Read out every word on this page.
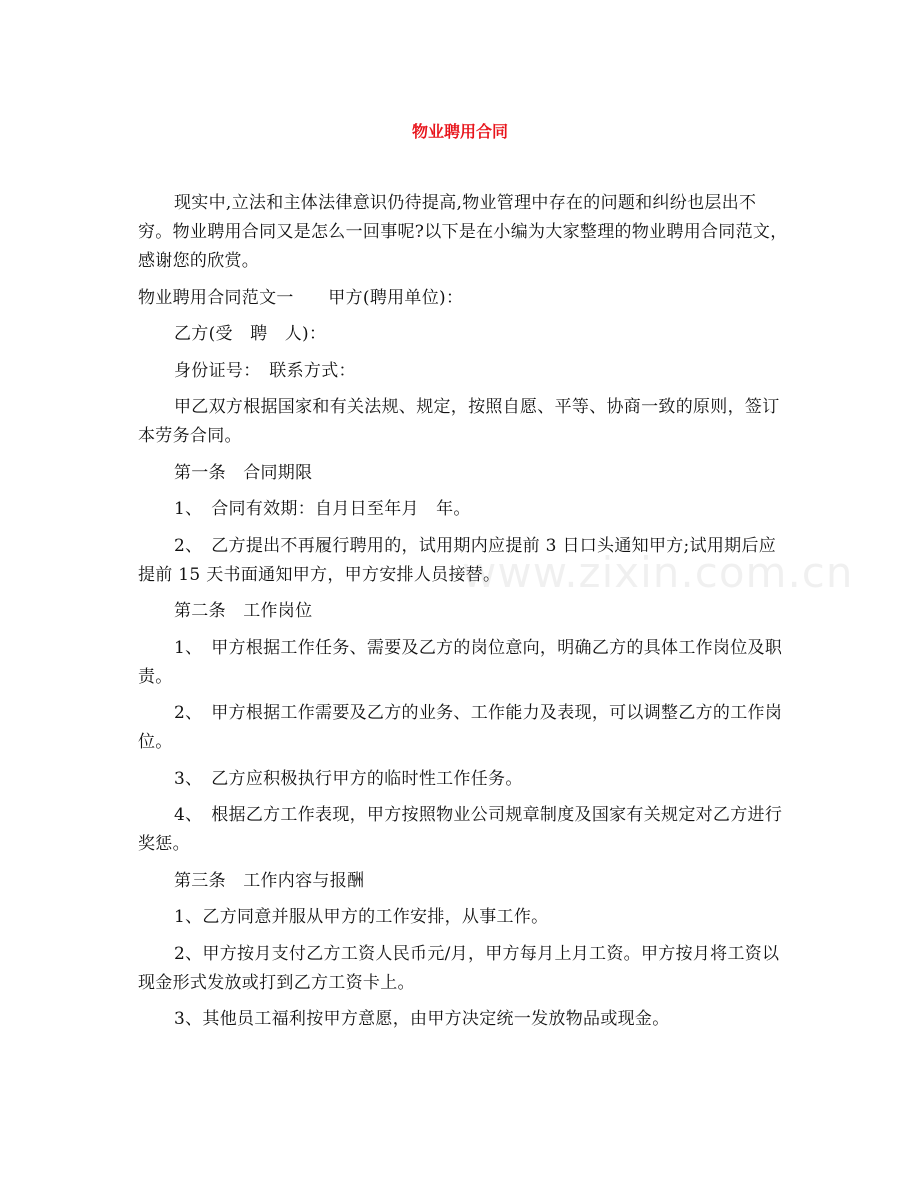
物业聘用合同
www.zixin.com.cn

现实中,立法和主体法律意识仍待提高,物业管理中存在的问题和纠纷也层出不穷。物业聘用合同又是怎么一回事呢?以下是在小编为大家整理的物业聘用合同范文，感谢您的欣赏。

物业聘用合同范文一　　甲方(聘用单位)：

乙方(受　聘　人)：

身份证号：　联系方式：

甲乙双方根据国家和有关法规、规定，按照自愿、平等、协商一致的原则，签订本劳务合同。

第一条　合同期限

1、　合同有效期：自月日至年月　年。

2、　乙方提出不再履行聘用的，试用期内应提前 3 日口头通知甲方;试用期后应提前 15 天书面通知甲方，甲方安排人员接替。

第二条　工作岗位

1、　甲方根据工作任务、需要及乙方的岗位意向，明确乙方的具体工作岗位及职责。

2、　甲方根据工作需要及乙方的业务、工作能力及表现，可以调整乙方的工作岗位。

3、　乙方应积极执行甲方的临时性工作任务。

4、　根据乙方工作表现，甲方按照物业公司规章制度及国家有关规定对乙方进行奖惩。

第三条　工作内容与报酬

1、乙方同意并服从甲方的工作安排，从事工作。

2、甲方按月支付乙方工资人民币元/月，甲方每月上月工资。甲方按月将工资以现金形式发放或打到乙方工资卡上。

3、其他员工福利按甲方意愿，由甲方决定统一发放物品或现金。
